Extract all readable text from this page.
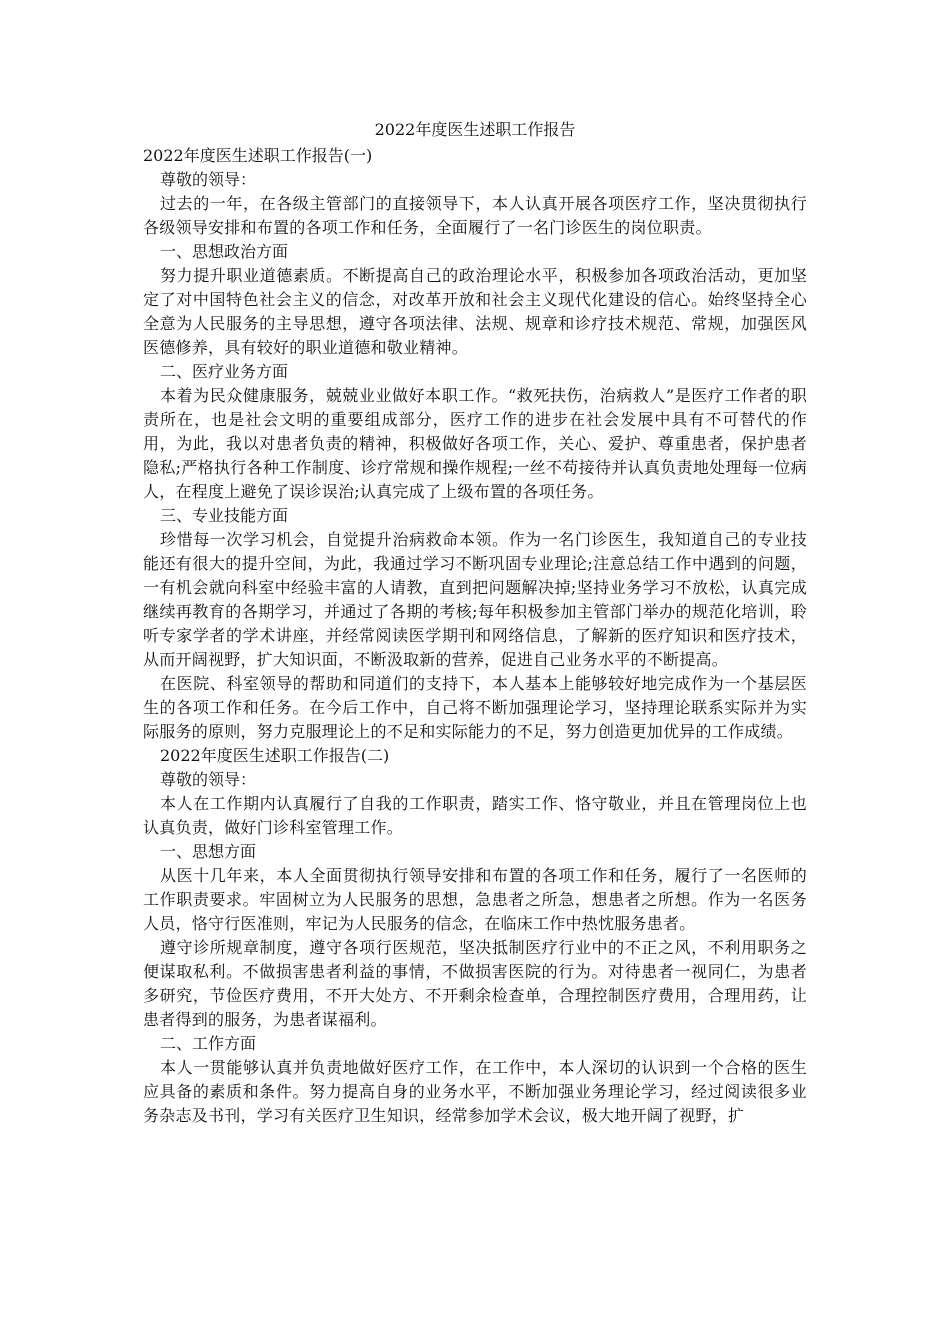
2022年度医生述职工作报告

2022年度医生述职工作报告(一)

尊敬的领导：

过去的一年，在各级主管部门的直接领导下，本人认真开展各项医疗工作，坚决贯彻执行各级领导安排和布置的各项工作和任务，全面履行了一名门诊医生的岗位职责。

一、思想政治方面

努力提升职业道德素质。不断提高自己的政治理论水平，积极参加各项政治活动，更加坚定了对中国特色社会主义的信念，对改革开放和社会主义现代化建设的信心。始终坚持全心全意为人民服务的主导思想，遵守各项法律、法规、规章和诊疗技术规范、常规，加强医风医德修养，具有较好的职业道德和敬业精神。

二、医疗业务方面

本着为民众健康服务，兢兢业业做好本职工作。“救死扶伤，治病救人”是医疗工作者的职责所在，也是社会文明的重要组成部分，医疗工作的进步在社会发展中具有不可替代的作用，为此，我以对患者负责的精神，积极做好各项工作，关心、爱护、尊重患者，保护患者隐私;严格执行各种工作制度、诊疗常规和操作规程;一丝不苟接待并认真负责地处理每一位病人，在程度上避免了误诊误治;认真完成了上级布置的各项任务。

三、专业技能方面

珍惜每一次学习机会，自觉提升治病救命本领。作为一名门诊医生，我知道自己的专业技能还有很大的提升空间，为此，我通过学习不断巩固专业理论;注意总结工作中遇到的问题，一有机会就向科室中经验丰富的人请教，直到把问题解决掉;坚持业务学习不放松，认真完成继续再教育的各期学习，并通过了各期的考核;每年积极参加主管部门举办的规范化培训，聆听专家学者的学术讲座，并经常阅读医学期刊和网络信息，了解新的医疗知识和医疗技术，从而开阔视野，扩大知识面，不断汲取新的营养，促进自己业务水平的不断提高。

在医院、科室领导的帮助和同道们的支持下，本人基本上能够较好地完成作为一个基层医生的各项工作和任务。在今后工作中，自己将不断加强理论学习，坚持理论联系实际并为实际服务的原则，努力克服理论上的不足和实际能力的不足，努力创造更加优异的工作成绩。

2022年度医生述职工作报告(二)

尊敬的领导：

本人在工作期内认真履行了自我的工作职责，踏实工作、恪守敬业，并且在管理岗位上也认真负责，做好门诊科室管理工作。

一、思想方面

从医十几年来，本人全面贯彻执行领导安排和布置的各项工作和任务，履行了一名医师的工作职责要求。牢固树立为人民服务的思想，急患者之所急，想患者之所想。作为一名医务人员，恪守行医准则，牢记为人民服务的信念，在临床工作中热忱服务患者。

遵守诊所规章制度，遵守各项行医规范，坚决抵制医疗行业中的不正之风，不利用职务之便谋取私利。不做损害患者利益的事情，不做损害医院的行为。对待患者一视同仁，为患者多研究，节俭医疗费用，不开大处方、不开剩余检查单，合理控制医疗费用，合理用药，让患者得到的服务，为患者谋福利。

二、工作方面

本人一贯能够认真并负责地做好医疗工作，在工作中，本人深切的认识到一个合格的医生应具备的素质和条件。努力提高自身的业务水平，不断加强业务理论学习，经过阅读很多业务杂志及书刊，学习有关医疗卫生知识，经常参加学术会议，极大地开阔了视野，扩
